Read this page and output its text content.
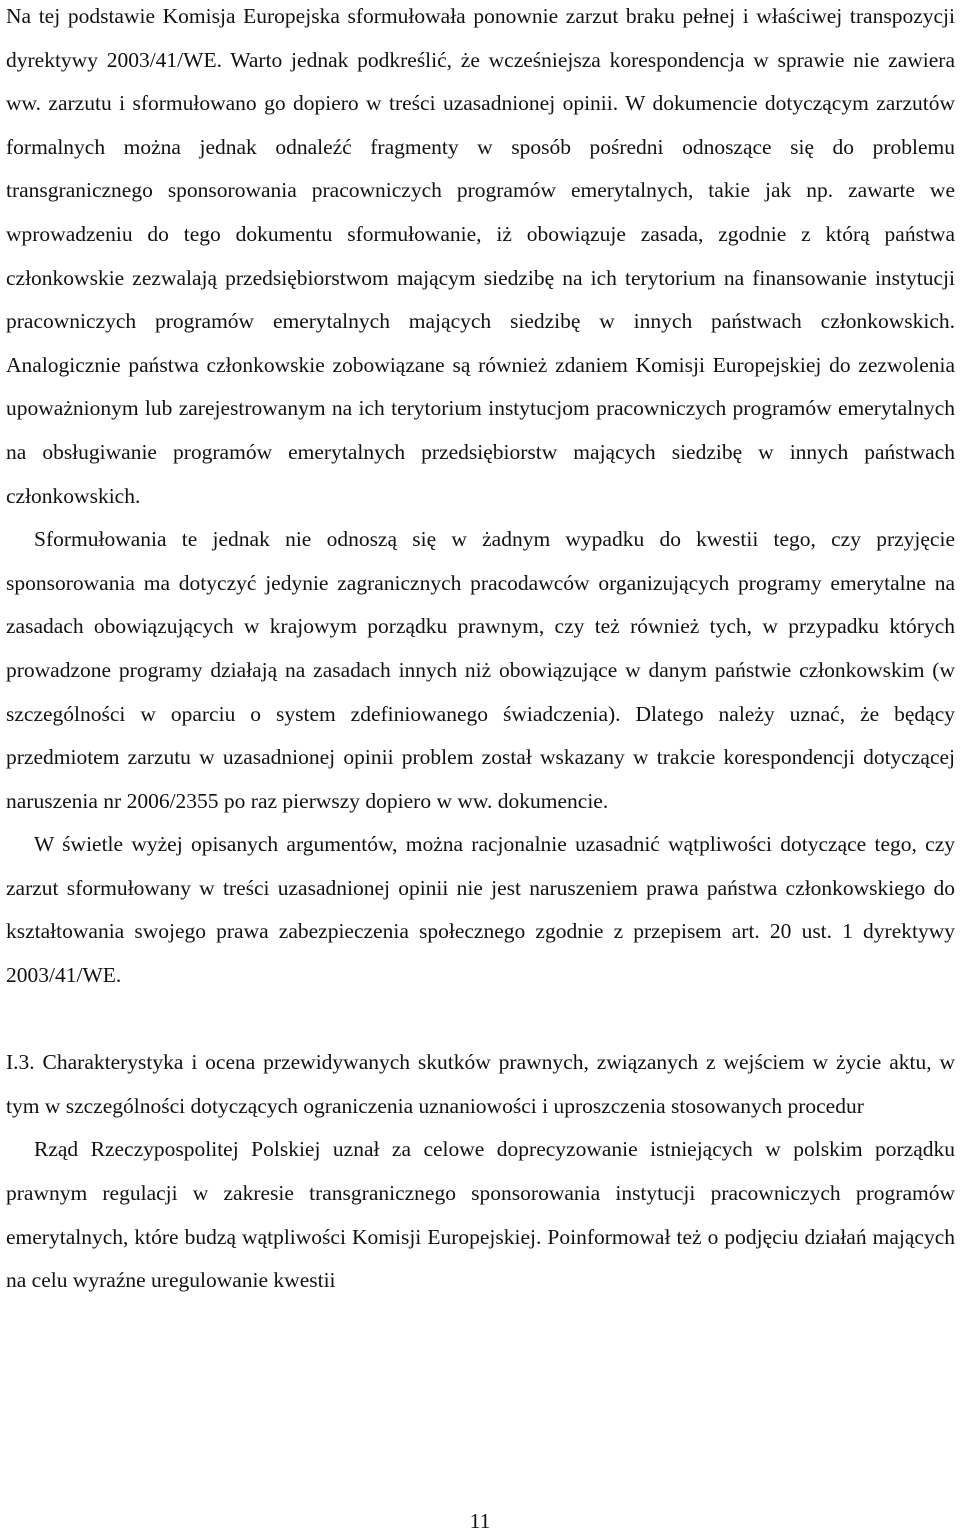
Na tej podstawie Komisja Europejska sformułowała ponownie zarzut braku pełnej i właściwej transpozycji dyrektywy 2003/41/WE. Warto jednak podkreślić, że wcześniejsza korespondencja w sprawie nie zawiera ww. zarzutu i sformułowano go dopiero w treści uzasadnionej opinii. W dokumencie dotyczącym zarzutów formalnych można jednak odnaleźć fragmenty w sposób pośredni odnoszące się do problemu transgranicznego sponsorowania pracowniczych programów emerytalnych, takie jak np. zawarte we wprowadzeniu do tego dokumentu sformułowanie, iż obowiązuje zasada, zgodnie z którą państwa członkowskie zezwalają przedsiębiorstwom mającym siedzibę na ich terytorium na finansowanie instytucji pracowniczych programów emerytalnych mających siedzibę w innych państwach członkowskich. Analogicznie państwa członkowskie zobowiązane są również zdaniem Komisji Europejskiej do zezwolenia upoważnionym lub zarejestrowanym na ich terytorium instytucjom pracowniczych programów emerytalnych na obsługiwanie programów emerytalnych przedsiębiorstw mających siedzibę w innych państwach członkowskich.

Sformułowania te jednak nie odnoszą się w żadnym wypadku do kwestii tego, czy przyjęcie sponsorowania ma dotyczyć jedynie zagranicznych pracodawców organizujących programy emerytalne na zasadach obowiązujących w krajowym porządku prawnym, czy też również tych, w przypadku których prowadzone programy działają na zasadach innych niż obowiązujące w danym państwie członkowskim (w szczególności w oparciu o system zdefiniowanego świadczenia). Dlatego należy uznać, że będący przedmiotem zarzutu w uzasadnionej opinii problem został wskazany w trakcie korespondencji dotyczącej naruszenia nr 2006/2355 po raz pierwszy dopiero w ww. dokumencie.

W świetle wyżej opisanych argumentów, można racjonalnie uzasadnić wątpliwości dotyczące tego, czy zarzut sformułowany w treści uzasadnionej opinii nie jest naruszeniem prawa państwa członkowskiego do kształtowania swojego prawa zabezpieczenia społecznego zgodnie z przepisem art. 20 ust. 1 dyrektywy 2003/41/WE.

I.3. Charakterystyka i ocena przewidywanych skutków prawnych, związanych z wejściem w życie aktu, w tym w szczególności dotyczących ograniczenia uznaniowości i uproszczenia stosowanych procedur

Rząd Rzeczypospolitej Polskiej uznał za celowe doprecyzowanie istniejących w polskim porządku prawnym regulacji w zakresie transgranicznego sponsorowania instytucji pracowniczych programów emerytalnych, które budzą wątpliwości Komisji Europejskiej. Poinformował też o podjęciu działań mających na celu wyraźne uregulowanie kwestii

11
